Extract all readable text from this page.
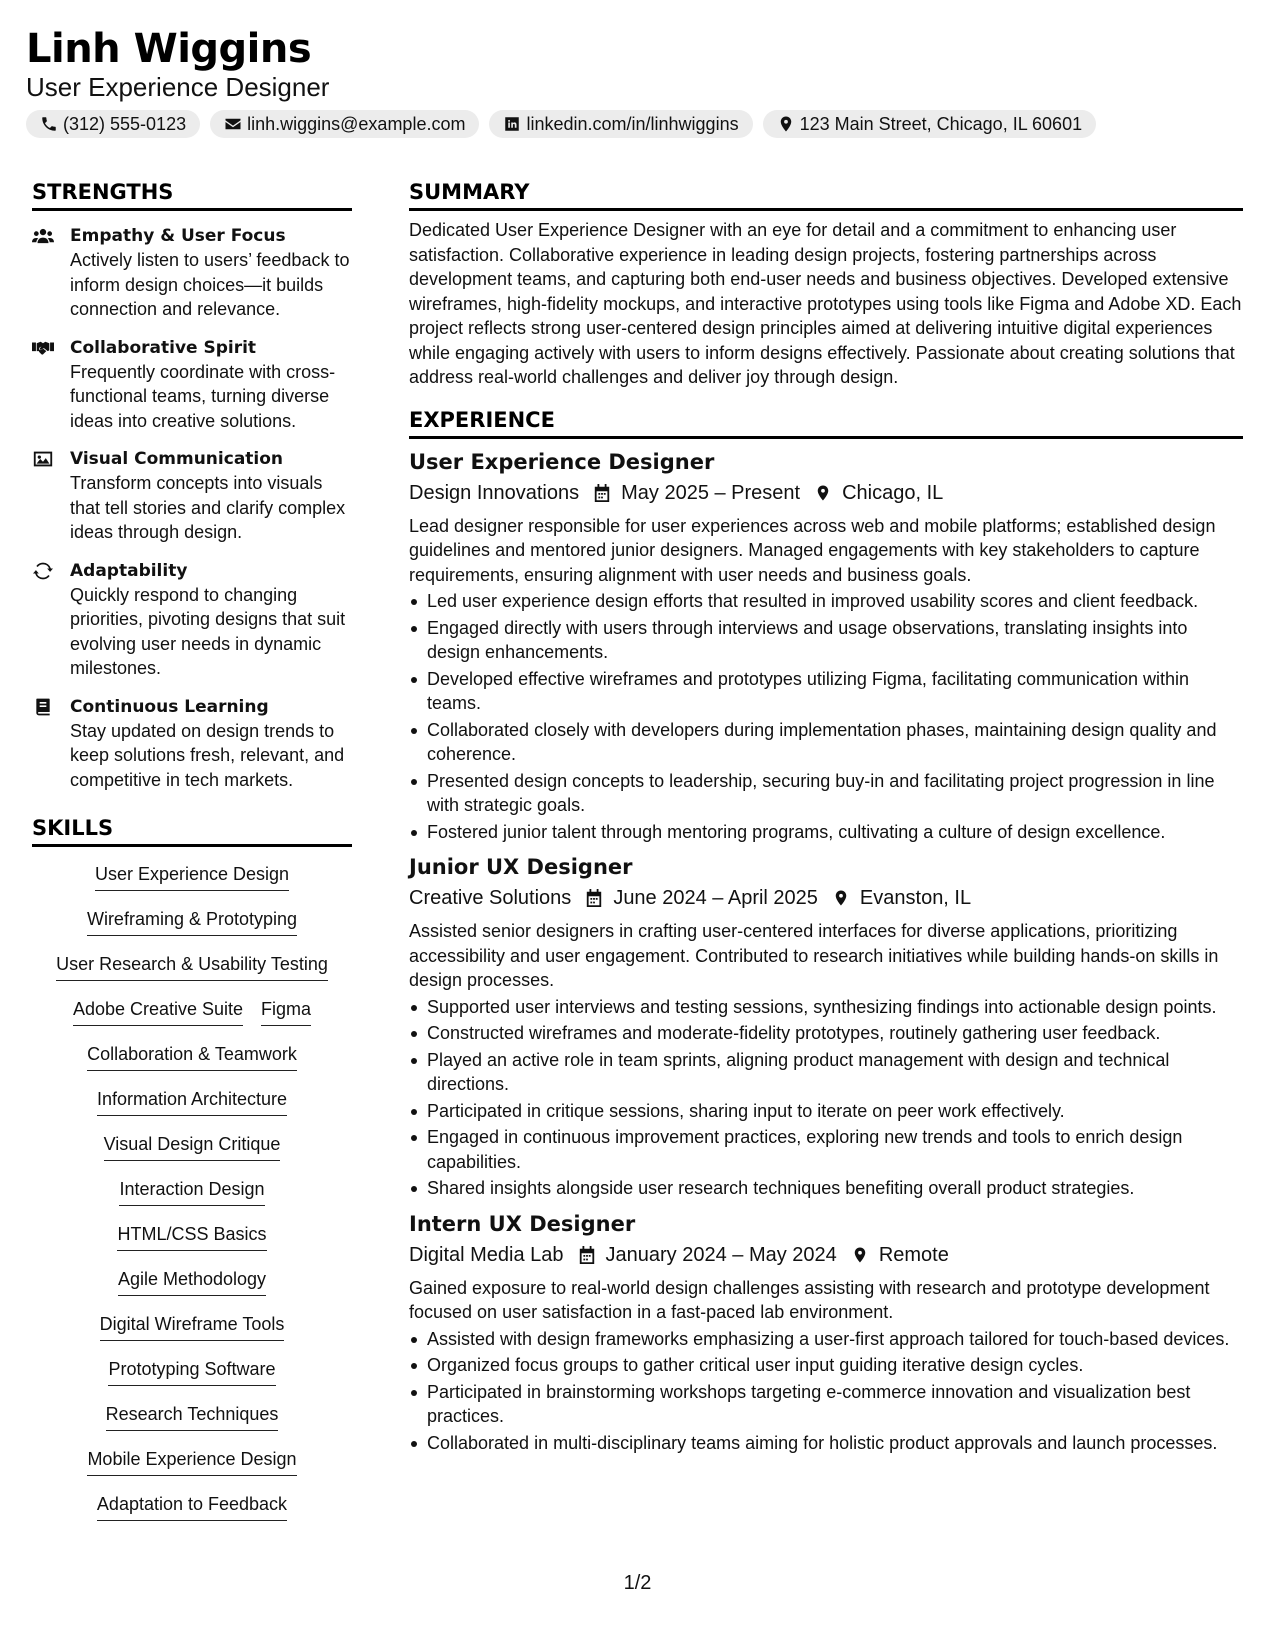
Linh Wiggins
User Experience Designer
(312) 555-0123	linh.wiggins@example.com	linkedin.com/in/linhwiggins	123 Main Street, Chicago, IL 60601
STRENGTHS
Empathy & User Focus
Actively listen to users’ feedback to inform design choices—it builds connection and relevance.
Collaborative Spirit
Frequently coordinate with cross-functional teams, turning diverse ideas into creative solutions.
Visual Communication
Transform concepts into visuals that tell stories and clarify complex ideas through design.
Adaptability
Quickly respond to changing priorities, pivoting designs that suit evolving user needs in dynamic milestones.
Continuous Learning
Stay updated on design trends to keep solutions fresh, relevant, and competitive in tech markets.
SKILLS
User Experience Design
Wireframing & Prototyping
User Research & Usability Testing
Adobe Creative Suite Figma
Collaboration & Teamwork
Information Architecture
Visual Design Critique
Interaction Design
HTML/CSS Basics
Agile Methodology
Digital Wireframe Tools
Prototyping Software
Research Techniques
Mobile Experience Design
Adaptation to Feedback
SUMMARY
Dedicated User Experience Designer with an eye for detail and a commitment to enhancing user satisfaction. Collaborative experience in leading design projects, fostering partnerships across development teams, and capturing both end-user needs and business objectives. Developed extensive wireframes, high-fidelity mockups, and interactive prototypes using tools like Figma and Adobe XD. Each project reflects strong user-centered design principles aimed at delivering intuitive digital experiences while engaging actively with users to inform designs effectively. Passionate about creating solutions that address real-world challenges and deliver joy through design.
EXPERIENCE
User Experience Designer
Design Innovations May 2025 – Present Chicago, IL
Lead designer responsible for user experiences across web and mobile platforms; established design guidelines and mentored junior designers. Managed engagements with key stakeholders to capture requirements, ensuring alignment with user needs and business goals.
Led user experience design efforts that resulted in improved usability scores and client feedback.
Engaged directly with users through interviews and usage observations, translating insights into design enhancements.
Developed effective wireframes and prototypes utilizing Figma, facilitating communication within teams.
Collaborated closely with developers during implementation phases, maintaining design quality and coherence.
Presented design concepts to leadership, securing buy-in and facilitating project progression in line with strategic goals.
Fostered junior talent through mentoring programs, cultivating a culture of design excellence.
Junior UX Designer
Creative Solutions June 2024 – April 2025 Evanston, IL
Assisted senior designers in crafting user-centered interfaces for diverse applications, prioritizing accessibility and user engagement. Contributed to research initiatives while building hands-on skills in design processes.
Supported user interviews and testing sessions, synthesizing findings into actionable design points.
Constructed wireframes and moderate-fidelity prototypes, routinely gathering user feedback.
Played an active role in team sprints, aligning product management with design and technical directions.
Participated in critique sessions, sharing input to iterate on peer work effectively.
Engaged in continuous improvement practices, exploring new trends and tools to enrich design capabilities.
Shared insights alongside user research techniques benefiting overall product strategies.
Intern UX Designer
Digital Media Lab January 2024 – May 2024 Remote
Gained exposure to real-world design challenges assisting with research and prototype development focused on user satisfaction in a fast-paced lab environment.
Assisted with design frameworks emphasizing a user-first approach tailored for touch-based devices.
Organized focus groups to gather critical user input guiding iterative design cycles.
Participated in brainstorming workshops targeting e-commerce innovation and visualization best practices.
Collaborated in multi-disciplinary teams aiming for holistic product approvals and launch processes.
1/2
